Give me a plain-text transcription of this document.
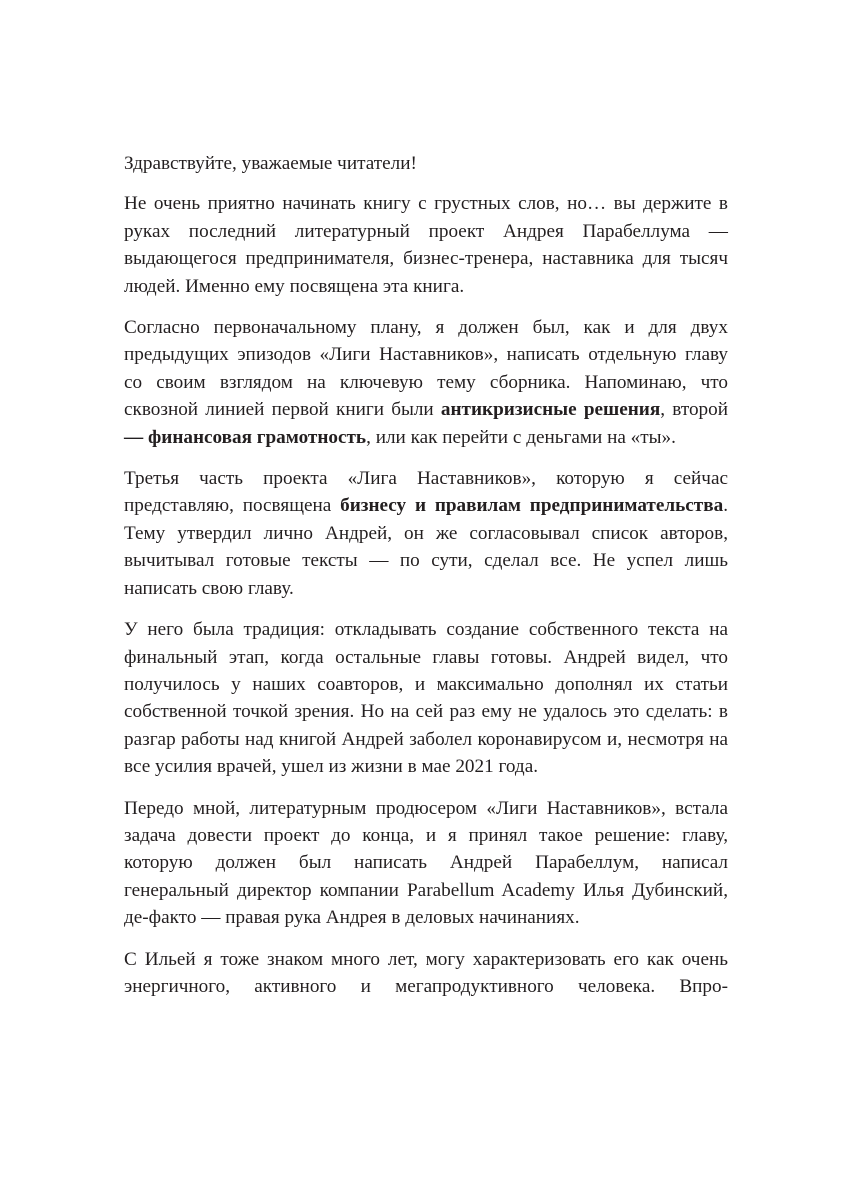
Здравствуйте, уважаемые читатели!

Не очень приятно начинать книгу с грустных слов, но… вы держите в руках последний литературный проект Андрея Парабеллума — выдающегося предпринимателя, бизнес-тренера, наставника для тысяч людей. Именно ему посвящена эта книга.

Согласно первоначальному плану, я должен был, как и для двух предыдущих эпизодов «Лиги Наставников», написать отдельную главу со своим взглядом на ключевую тему сборника. Напоминаю, что сквозной линией первой книги были антикризисные решения, второй — финансовая грамотность, или как перейти с деньгами на «ты».

Третья часть проекта «Лига Наставников», которую я сейчас представляю, посвящена бизнесу и правилам предпринимательства. Тему утвердил лично Андрей, он же согласовывал список авторов, вычитывал готовые тексты — по сути, сделал все. Не успел лишь написать свою главу.

У него была традиция: откладывать создание собственного текста на финальный этап, когда остальные главы готовы. Андрей видел, что получилось у наших соавторов, и максимально дополнял их статьи собственной точкой зрения. Но на сей раз ему не удалось это сделать: в разгар работы над книгой Андрей заболел коронавирусом и, несмотря на все усилия врачей, ушел из жизни в мае 2021 года.

Передо мной, литературным продюсером «Лиги Наставников», встала задача довести проект до конца, и я принял такое решение: главу, которую должен был написать Андрей Парабеллум, написал генеральный директор компании Parabellum Academy Илья Дубинский, де-факто — правая рука Андрея в деловых начинаниях.

С Ильей я тоже знаком много лет, могу характеризовать его как очень энергичного, активного и мегапродуктивного человека. Впро-
